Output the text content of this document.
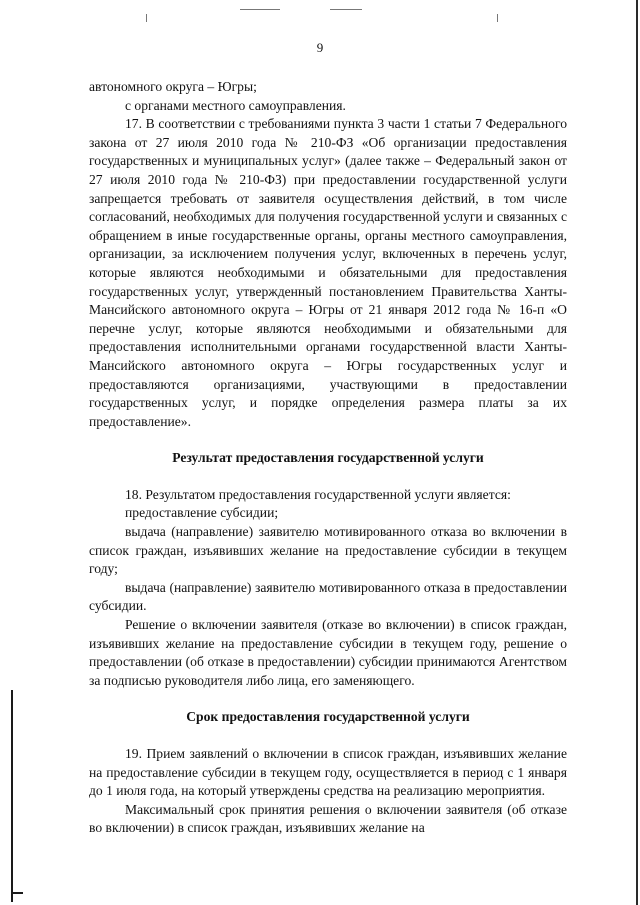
9

автономного округа – Югры;

с органами местного самоуправления.

17. В соответствии с требованиями пункта 3 части 1 статьи 7 Федерального закона от 27 июля 2010 года № 210-ФЗ «Об организации предоставления государственных и муниципальных услуг» (далее также – Федеральный закон от 27 июля 2010 года № 210-ФЗ) при предоставлении государственной услуги запрещается требовать от заявителя осуществления действий, в том числе согласований, необходимых для получения государственной услуги и связанных с обращением в иные государственные органы, органы местного самоуправления, организации, за исключением получения услуг, включенных в перечень услуг, которые являются необходимыми и обязательными для предоставления государственных услуг, утвержденный постановлением Правительства Ханты-Мансийского автономного округа – Югры от 21 января 2012 года № 16-п «О перечне услуг, которые являются необходимыми и обязательными для предоставления исполнительными органами государственной власти Ханты-Мансийского автономного округа – Югры государственных услуг и предоставляются организациями, участвующими в предоставлении государственных услуг, и порядке определения размера платы за их предоставление».

Результат предоставления государственной услуги

18. Результатом предоставления государственной услуги является:

предоставление субсидии;

выдача (направление) заявителю мотивированного отказа во включении в список граждан, изъявивших желание на предоставление субсидии в текущем году;

выдача (направление) заявителю мотивированного отказа в предоставлении субсидии.

Решение о включении заявителя (отказе во включении) в список граждан, изъявивших желание на предоставление субсидии в текущем году, решение о предоставлении (об отказе в предоставлении) субсидии принимаются Агентством за подписью руководителя либо лица, его заменяющего.

Срок предоставления государственной услуги

19. Прием заявлений о включении в список граждан, изъявивших желание на предоставление субсидии в текущем году, осуществляется в период с 1 января до 1 июля года, на который утверждены средства на реализацию мероприятия.

Максимальный срок принятия решения о включении заявителя (об отказе во включении) в список граждан, изъявивших желание на
